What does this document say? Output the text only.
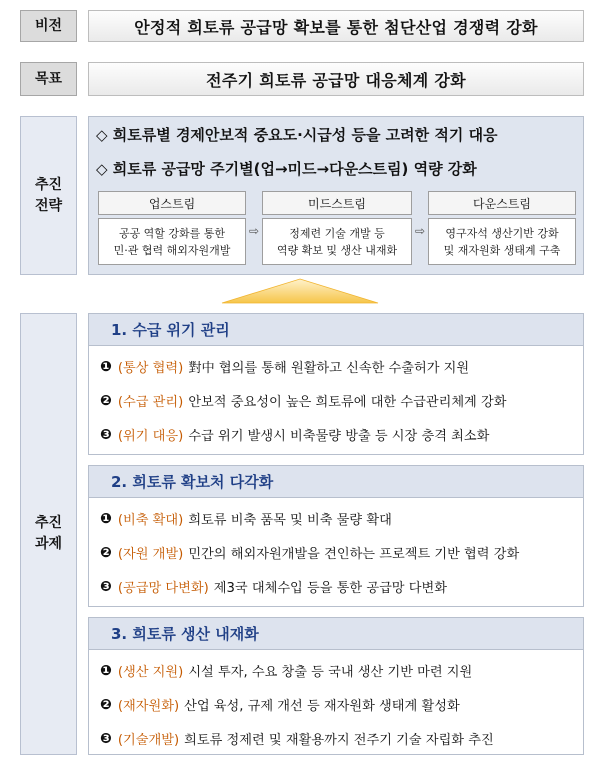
비전	안정적 희토류 공급망 확보를 통한 첨단산업 경쟁력 강화
목표	전주기 희토류 공급망 대응체계 강화
추진
전략
◇ 희토류별 경제안보적 중요도·시급성 등을 고려한 적기 대응
◇ 희토류 공급망 주기별(업→미드→다운스트림) 역량 강화
업스트림
공공 역할 강화를 통한
민·관 협력 해외자원개발
⇨
미드스트림
정제련 기술 개발 등
역량 확보 및 생산 내재화
⇨
다운스트림
영구자석 생산기반 강화
및 재자원화 생태계 구축
추진
과제
1. 수급 위기 관리
❶ (통상 협력) 對中 협의를 통해 원활하고 신속한 수출허가 지원
❷ (수급 관리) 안보적 중요성이 높은 희토류에 대한 수급관리체계 강화
❸ (위기 대응) 수급 위기 발생시 비축물량 방출 등 시장 충격 최소화
2. 희토류 확보처 다각화
❶ (비축 확대) 희토류 비축 품목 및 비축 물량 확대
❷ (자원 개발) 민간의 해외자원개발을 견인하는 프로젝트 기반 협력 강화
❸ (공급망 다변화) 제3국 대체수입 등을 통한 공급망 다변화
3. 희토류 생산 내재화
❶ (생산 지원) 시설 투자, 수요 창출 등 국내 생산 기반 마련 지원
❷ (재자원화) 산업 육성, 규제 개선 등 재자원화 생태계 활성화
❸ (기술개발) 희토류 정제련 및 재활용까지 전주기 기술 자립화 추진
